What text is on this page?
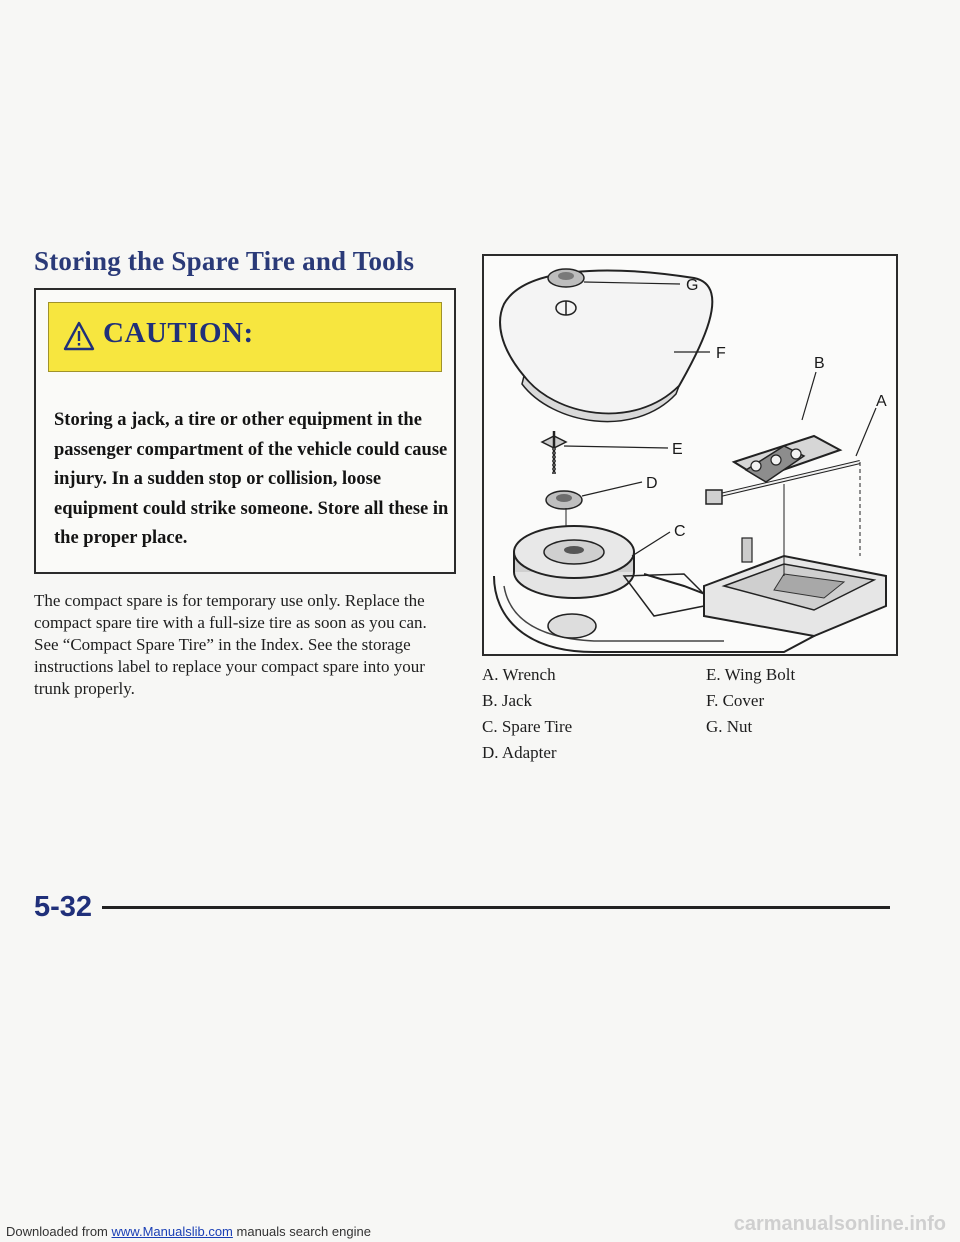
Storing the Spare Tire and Tools
CAUTION:
Storing a jack, a tire or other equipment in the passenger compartment of the vehicle could cause injury. In a sudden stop or collision, loose equipment could strike someone. Store all these in the proper place.
The compact spare is for temporary use only. Replace the compact spare tire with a full-size tire as soon as you can. See “Compact Spare Tire” in the Index. See the storage instructions label to replace your compact spare into your trunk properly.
G
F
B
A
E
D
C
A. Wrench
B. Jack
C. Spare Tire
D. Adapter
E. Wing Bolt
F. Cover
G. Nut
5-32
Downloaded from www.Manualslib.com manuals search engine	carmanualsonline.info
